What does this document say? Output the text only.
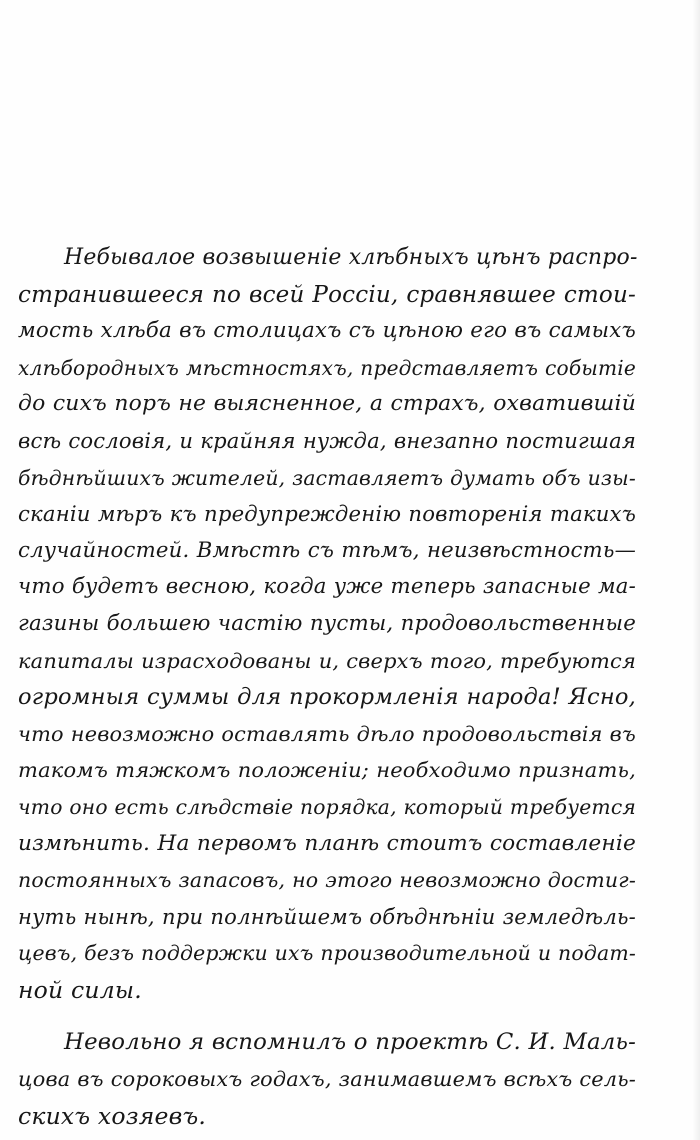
Небывалое возвышеніе хлѣбныхъ цѣнъ распро-
странившееся по всей Россіи, сравнявшее стои-
мость хлѣба въ столицахъ съ цѣною его въ самыхъ
хлѣбородныхъ мѣстностяхъ, представляетъ событіе
до сихъ поръ не выясненное, а страхъ, охватившій
всѣ сословія, и крайняя нужда, внезапно постигшая
бѣднѣйшихъ жителей, заставляетъ думать объ изы-
сканіи мѣръ къ предупрежденію повторенія такихъ
случайностей. Вмѣстѣ съ тѣмъ, неизвѣстность—
что будетъ весною, когда уже теперь запасные ма-
газины большею частію пусты, продовольственные
капиталы израсходованы и, сверхъ того, требуются
огромныя суммы для прокормленія народа! Ясно,
что невозможно оставлять дѣло продовольствія въ
такомъ тяжкомъ положеніи; необходимо признать,
что оно есть слѣдствіе порядка, который требуется
измѣнить. На первомъ планѣ стоитъ составленіе
постоянныхъ запасовъ, но этого невозможно достиг-
нуть нынѣ, при полнѣйшемъ обѣднѣніи земледѣль-
цевъ, безъ поддержки ихъ производительной и подат-
ной силы.
Невольно я вспомнилъ о проектѣ С. И. Маль-
цова въ сороковыхъ годахъ, занимавшемъ всѣхъ сель-
скихъ хозяевъ.
